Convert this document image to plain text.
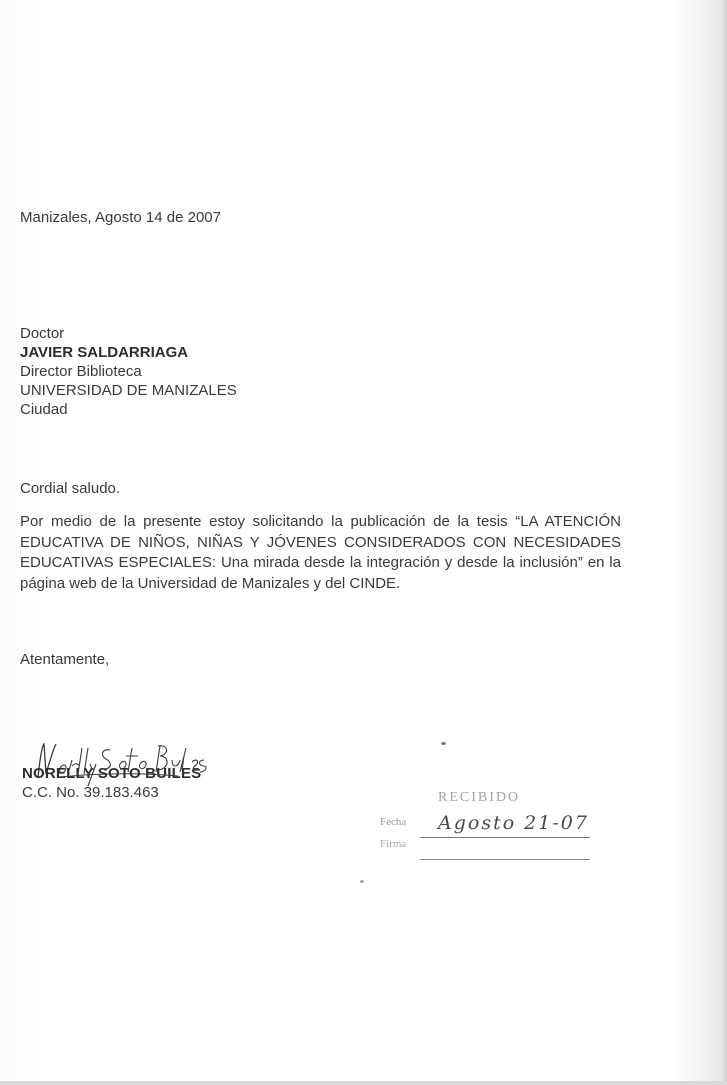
Manizales, Agosto 14 de 2007
Doctor
JAVIER SALDARRIAGA
Director Biblioteca
UNIVERSIDAD DE MANIZALES
Ciudad
Cordial saludo.
Por medio de la presente estoy solicitando la publicación de la tesis “LA ATENCIÓN EDUCATIVA DE NIÑOS, NIÑAS Y JÓVENES CONSIDERADOS CON NECESIDADES EDUCATIVAS ESPECIALES: Una mirada desde la integración y desde la inclusión” en la página web de la Universidad de Manizales y del CINDE.
Atentamente,
NORELLY SOTO BUILES
C.C. No. 39.183.463	RECIBIDO
Fecha Agosto 21-07
Firma
